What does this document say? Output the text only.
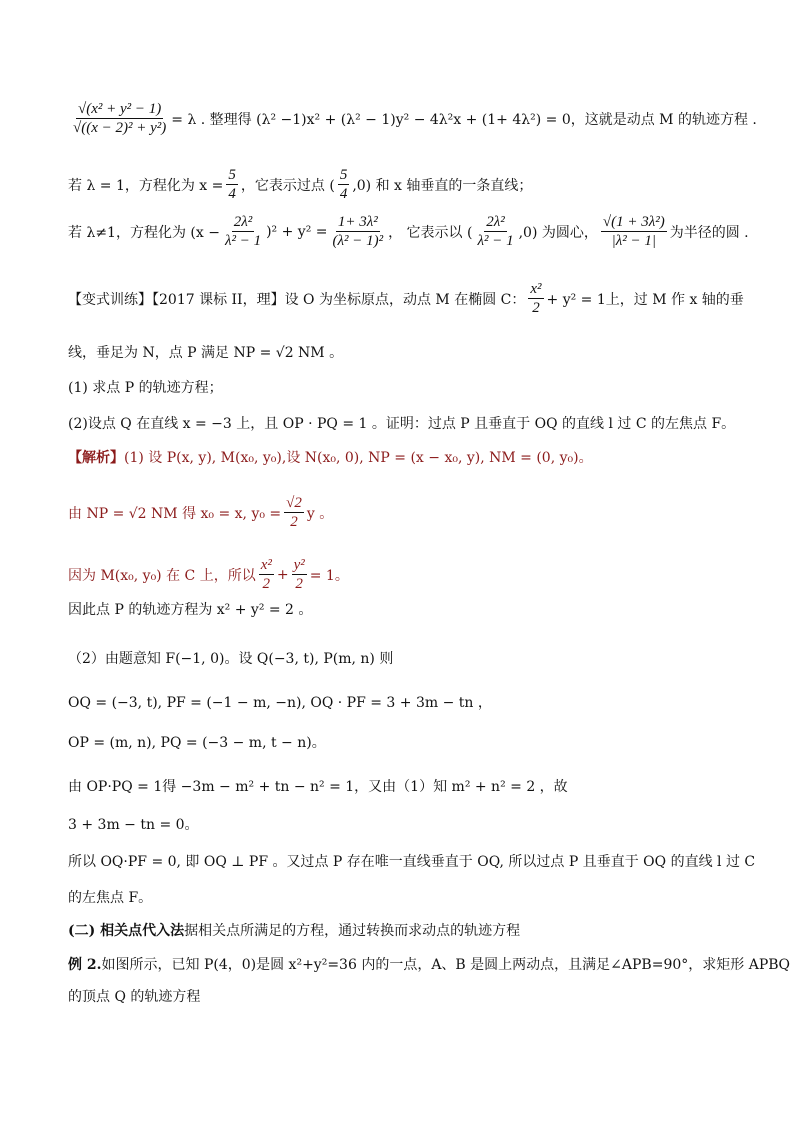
$\frac{\text{√(x² + y² − 1)}}{\text{√((x − 2)² + y²)}} = \lambda$ . 整理得 (λ² −1)x² + (λ² − 1)y² − 4λ²x + (1+ 4λ²) = 0，这就是动点 M 的轨迹方程 .
若 λ = 1，方程化为 $x = \frac{5}{4}$ ，它表示过点 ( $\frac{5}{4} ,0$) 和 x 轴垂直的一条直线；
若 λ≠1，方程化为 $(x - \frac{\text{2λ²}}{\text{λ² − 1}} )^2 + y^2 = \frac{\text{1+ 3λ²}}{\text{(λ² − 1)²}}$ ， 它表示以 ( $\frac{\text{2λ²}}{\text{λ² − 1}} ,0$) 为圆心， $\frac{\text{√(1 + 3λ²)}}{\text{|λ² − 1|}}$ 为半径的圆 .
【变式训练】【2017 课标 II，理】设 O 为坐标原点，动点 M 在椭圆 C： $\frac{\text{x²}}{2} + y^2 = 1$上，过 M 作 x 轴的垂
线，垂足为 N，点 P 满足 NP = √2 NM 。
(1) 求点 P 的轨迹方程；
(2)设点 Q 在直线 x = −3 上，且 OP · PQ = 1 。证明：过点 P 且垂直于 OQ 的直线 l 过 C 的左焦点 F。
【解析】 (1) 设 P(x, y), M(x₀, y₀),设 N(x₀, 0), NP = (x − x₀, y), NM = (0, y₀)。
由 NP = √2 NM 得 x₀ = x, $y_0 = \frac{√2}{2}$ y 。
因为 M(x₀, y₀) 在 C 上，所以 $\frac{\text{x²}}{2} + \frac{\text{y²}}{2} = 1$。
因此点 P 的轨迹方程为 x² + y² = 2 。
（2）由题意知 F(−1, 0)。设 Q(−3, t), P(m, n) 则
OQ = (−3, t), PF = (−1 − m, −n), OQ · PF = 3 + 3m − tn ，
OP = (m, n), PQ = (−3 − m, t − n)。
由 OP·PQ = 1得 −3m − m² + tn − n² = 1，又由（1）知 m² + n² = 2 ，故
3 + 3m − tn = 0。
所以 OQ·PF = 0, 即 OQ ⊥ PF 。又过点 P 存在唯一直线垂直于 OQ, 所以过点 P 且垂直于 OQ 的直线 l 过 C
的左焦点 F。
(二) 相关点代入法 据相关点所满足的方程，通过转换而求动点的轨迹方程
例 2. 如图所示，已知 P(4，0)是圆 x²+y²=36 内的一点，A、B 是圆上两动点，且满足∠APB=90°，求矩形 APBQ
的顶点 Q 的轨迹方程
